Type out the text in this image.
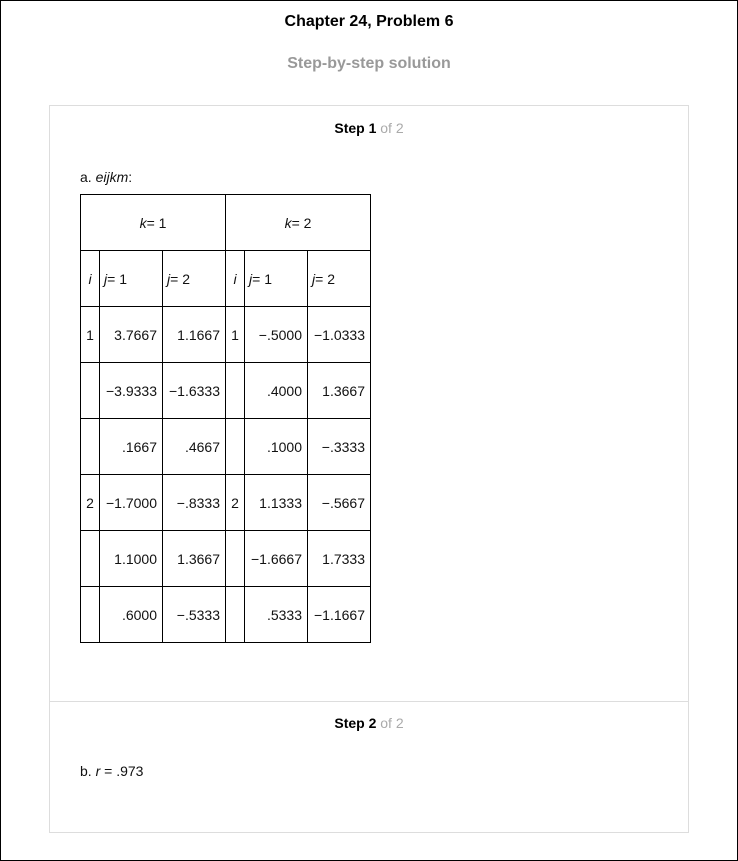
Chapter 24, Problem 6
Step-by-step solution
Step 1 of 2
a. eijkm:
k= 1			k= 2		
i	j= 1	j= 2	i	j= 1	j= 2
1	3.7667	1.1667	1	−.5000	−1.0333
	−3.9333	−1.6333		.4000	1.3667
	.1667	.4667		.1000	−.3333
2	−1.7000	−.8333	2	1.1333	−.5667
	1.1000	1.3667		−1.6667	1.7333
	.6000	−.5333		.5333	−1.1667
Step 2 of 2
b. r = .973
